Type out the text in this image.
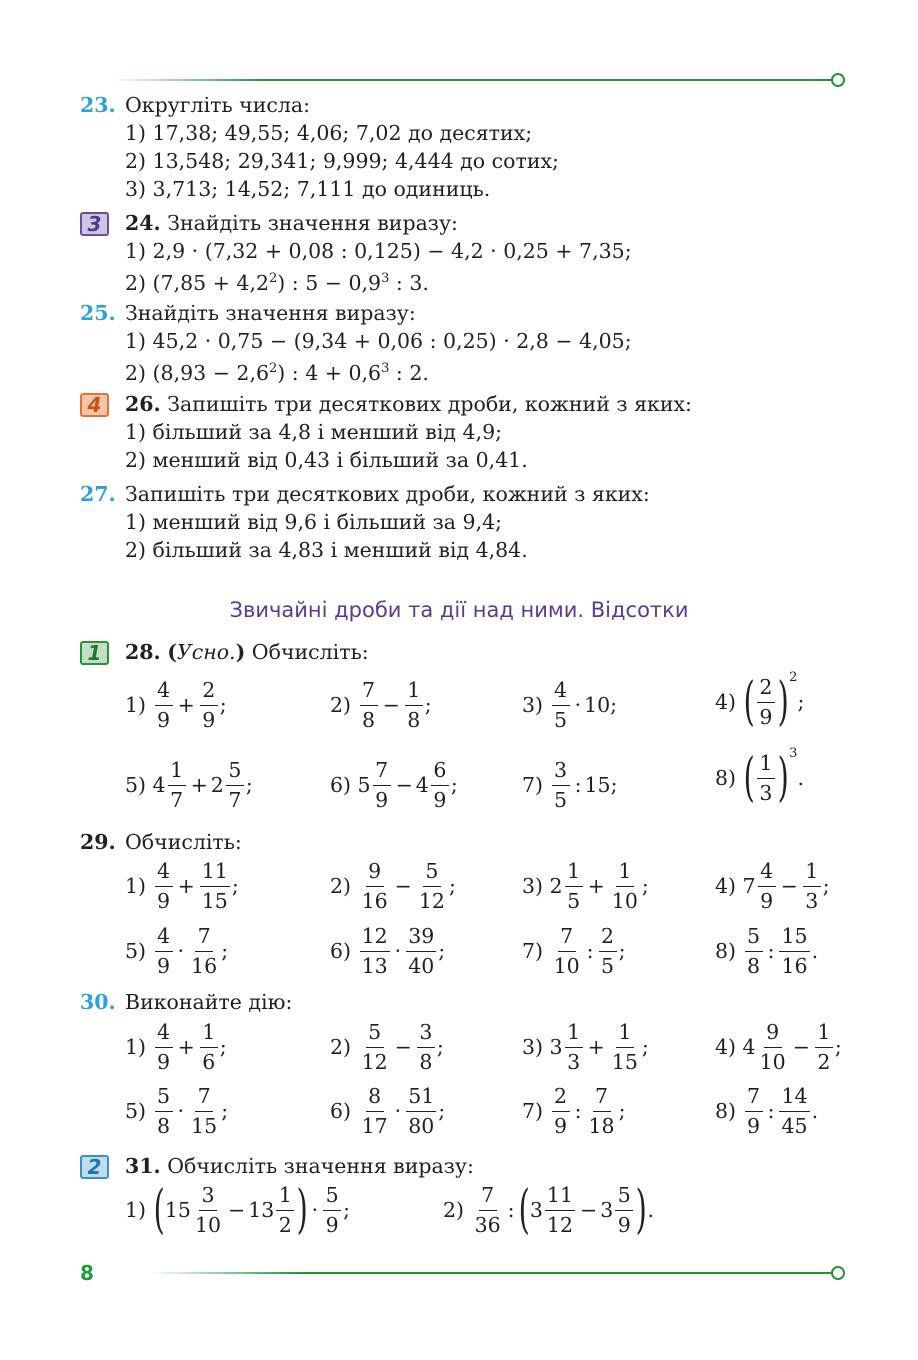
23. Округліть числа:
1) 17,38; 49,55; 4,06; 7,02 до десятих;
2) 13,548; 29,341; 9,999; 4,444 до сотих;
3) 3,713; 14,52; 7,111 до одиниць.
3	24. Знайдіть значення виразу:
1) 2,9 · (7,32 + 0,08 : 0,125) − 4,2 · 0,25 + 7,35;
2) $(7,85 + 4,2^2)$ : $5 - 0,9^3$ : 3.
25. Знайдіть значення виразу:
1) 45,2 · 0,75 − (9,34 + 0,06 : 0,25) · 2,8 − 4,05;
2) $(8,93 - 2,6^2)$ : $4 + 0,6^3$ : 2.
4	26. Запишіть три десяткових дроби, кожний з яких:
1) більший за 4,8 і менший від 4,9;
2) менший від 0,43 і більший за 0,41.
27. Запишіть три десяткових дроби, кожний з яких:
1) менший від 9,6 і більший за 9,4;
2) більший за 4,83 і менший від 4,84.
Звичайні дроби та дії над ними. Відсотки
1	28. (Усно.) Обчисліть:
1)
4
9
+ $\frac{2}{9}$ ;	2)
7
8
− $\frac{1}{8}$ ;	3)
4
5
· 10;	4) ( 2
9 ) 2
;
5) 4
1
7
+ $2 \frac{5}{7}$ ;	6) 5
7
9
− $4 \frac{6}{9}$ ;	7)
3
5
: 15;	8) ( 1
3 ) 3
.
29. Обчисліть:
1)
4
9
+ $\frac{11}{15}$ ;	2)
9
16
− $\frac{5}{12}$ ;	3) 2
1
5
+ $\frac{1}{10}$ ;	4) 7
4
9
− $\frac{1}{3}$ ;
5)
4
9
·
7
16
;	6)
12
13
·
39
40
;	7)
7
10
:
2
5
;	8)
5
8
:
15
16
.
30. Виконайте дію:
1)
4
9
+ $\frac{1}{6}$ ;	2)
5
12
− $\frac{3}{8}$ ;	3) 3
1
3
+ $\frac{1}{15}$ ;	4) 4
9
10
− $\frac{1}{2}$ ;
5)
5
8
·
7
15
;	6)
8
17
·
51
80
;	7)
2
9
:
7
18
;	8)
7
9
:
14
45
.
2	31. Обчисліть значення виразу:
1) ( 15
3
10
− $13 \frac{1}{2}$ ) ·
5
9
;	2)
7
36
: ( 3
11
12
− $3 \frac{5}{9}$ ) .
8
